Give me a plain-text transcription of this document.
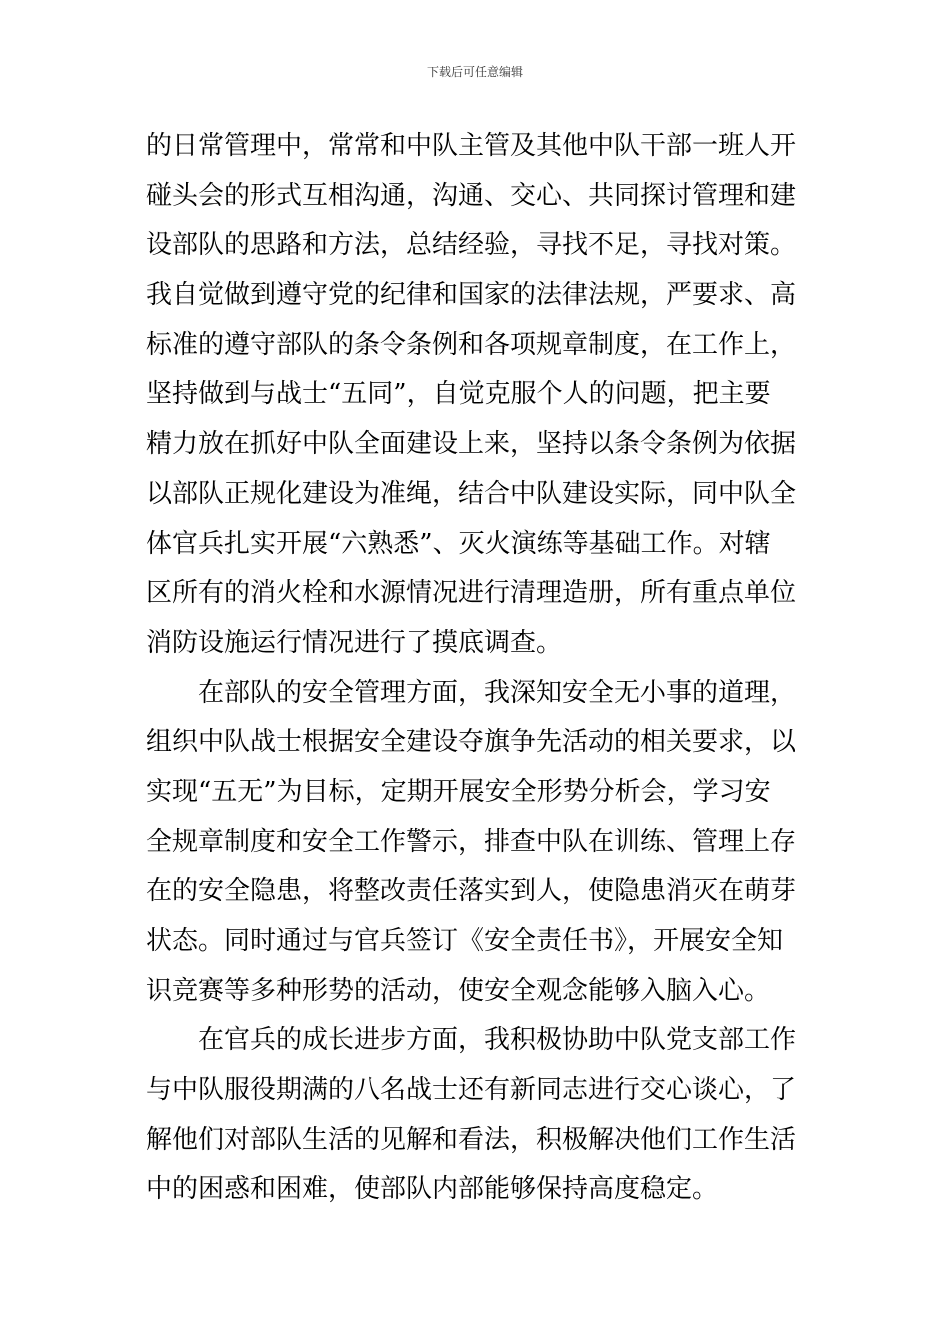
下载后可任意编辑
的日常管理中，常常和中队主管及其他中队干部一班人开
碰头会的形式互相沟通，沟通、交心、共同探讨管理和建
设部队的思路和方法，总结经验，寻找不足，寻找对策。
我自觉做到遵守党的纪律和国家的法律法规，严要求、高
标准的遵守部队的条令条例和各项规章制度，在工作上，
坚持做到与战士“五同”，自觉克服个人的问题，把主要
精力放在抓好中队全面建设上来，坚持以条令条例为依据
以部队正规化建设为准绳，结合中队建设实际，同中队全
体官兵扎实开展“六熟悉”、灭火演练等基础工作。对辖
区所有的消火栓和水源情况进行清理造册，所有重点单位
消防设施运行情况进行了摸底调查。
在部队的安全管理方面，我深知安全无小事的道理，
组织中队战士根据安全建设夺旗争先活动的相关要求，以
实现“五无”为目标，定期开展安全形势分析会，学习安
全规章制度和安全工作警示，排查中队在训练、管理上存
在的安全隐患，将整改责任落实到人，使隐患消灭在萌芽
状态。同时通过与官兵签订《安全责任书》，开展安全知
识竞赛等多种形势的活动，使安全观念能够入脑入心。
在官兵的成长进步方面，我积极协助中队党支部工作
与中队服役期满的八名战士还有新同志进行交心谈心，了
解他们对部队生活的见解和看法，积极解决他们工作生活
中的困惑和困难，使部队内部能够保持高度稳定。
